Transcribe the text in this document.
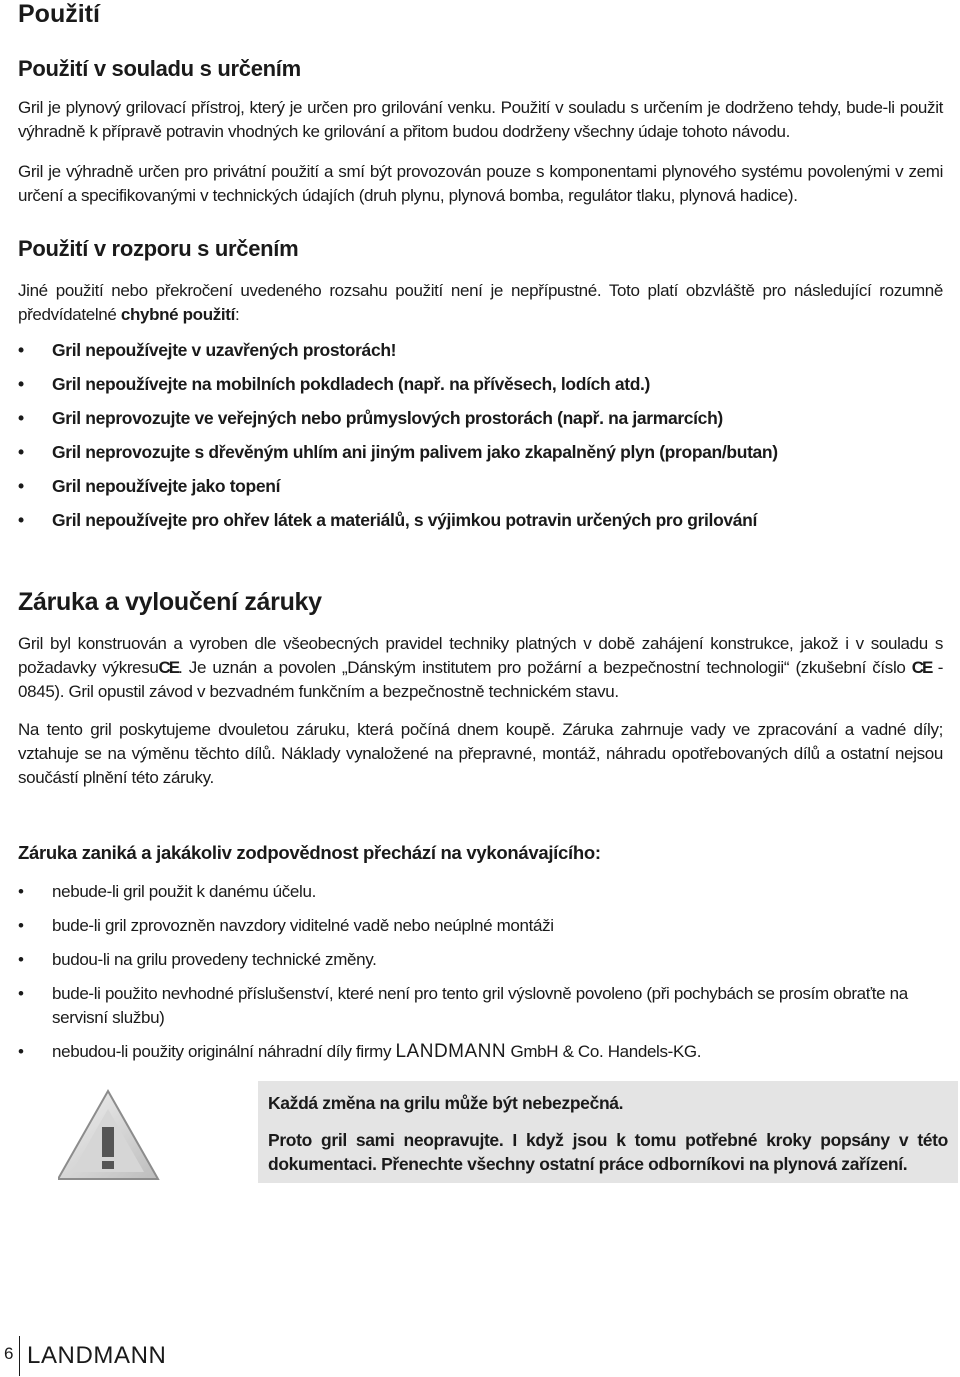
Použití
Použití v souladu s určením
Gril je plynový grilovací přístroj, který je určen pro grilování venku. Použití v souladu s určením je dodrženo tehdy, bude-li použit výhradně k přípravě potravin vhodných ke grilování a přitom budou dodrženy všechny údaje tohoto návodu.
Gril je výhradně určen pro privátní použití a smí být provozován pouze s komponentami plynového systému povolenými v zemi určení a specifikovanými v technických údajích (druh plynu, plynová bomba, regulátor tlaku, plynová hadice).
Použití v rozporu s určením
Jiné použití nebo překročení uvedeného rozsahu použití není je nepřípustné. Toto platí obzvláště pro následující rozumně předvídatelné chybné použití:
• Gril nepoužívejte v uzavřených prostorách!
• Gril nepoužívejte na mobilních pokdladech (např. na přívěsech, lodích atd.)
• Gril neprovozujte ve veřejných nebo průmyslových prostorách (např. na jarmarcích)
• Gril neprovozujte s dřevěným uhlím ani jiným palivem jako zkapalněný plyn (propan/butan)
• Gril nepoužívejte jako topení
• Gril nepoužívejte pro ohřev látek a materiálů, s výjimkou potravin určených pro grilování
Záruka a vyloučení záruky
Gril byl konstruován a vyroben dle všeobecných pravidel techniky platných v době zahájení konstrukce, jakož i v souladu s požadavky výkresuCE. Je uznán a povolen „Dánským institutem pro požární a bezpečnostní technologii“ (zkušební číslo CE - 0845). Gril opustil závod v bezvadném funkčním a bezpečnostně technickém stavu.
Na tento gril poskytujeme dvouletou záruku, která počíná dnem koupě. Záruka zahrnuje vady ve zpracování a vadné díly; vztahuje se na výměnu těchto dílů. Náklady vynaložené na přepravné, montáž, náhradu opotřebovaných dílů a ostatní nejsou součástí plnění této záruky.
Záruka zaniká a jakákoliv zodpovědnost přechází na vykonávajícího:
• nebude-li gril použit k danému účelu.
• bude-li gril zprovozněn navzdory viditelné vadě nebo neúplné montáži
• budou-li na grilu provedeny technické změny.
• bude-li použito nevhodné příslušenství, které není pro tento gril výslovně povoleno (při pochybách se prosím obraťte na servisní službu)
• nebudou-li použity originální náhradní díly firmy LANDMANN GmbH & Co. Handels-KG.
Každá změna na grilu může být nebezpečná.
Proto gril sami neopravujte. I když jsou k tomu potřebné kroky popsány v této dokumentaci. Přenechte všechny ostatní práce odborníkovi na plynová zařízení.
6 LANDMANN
